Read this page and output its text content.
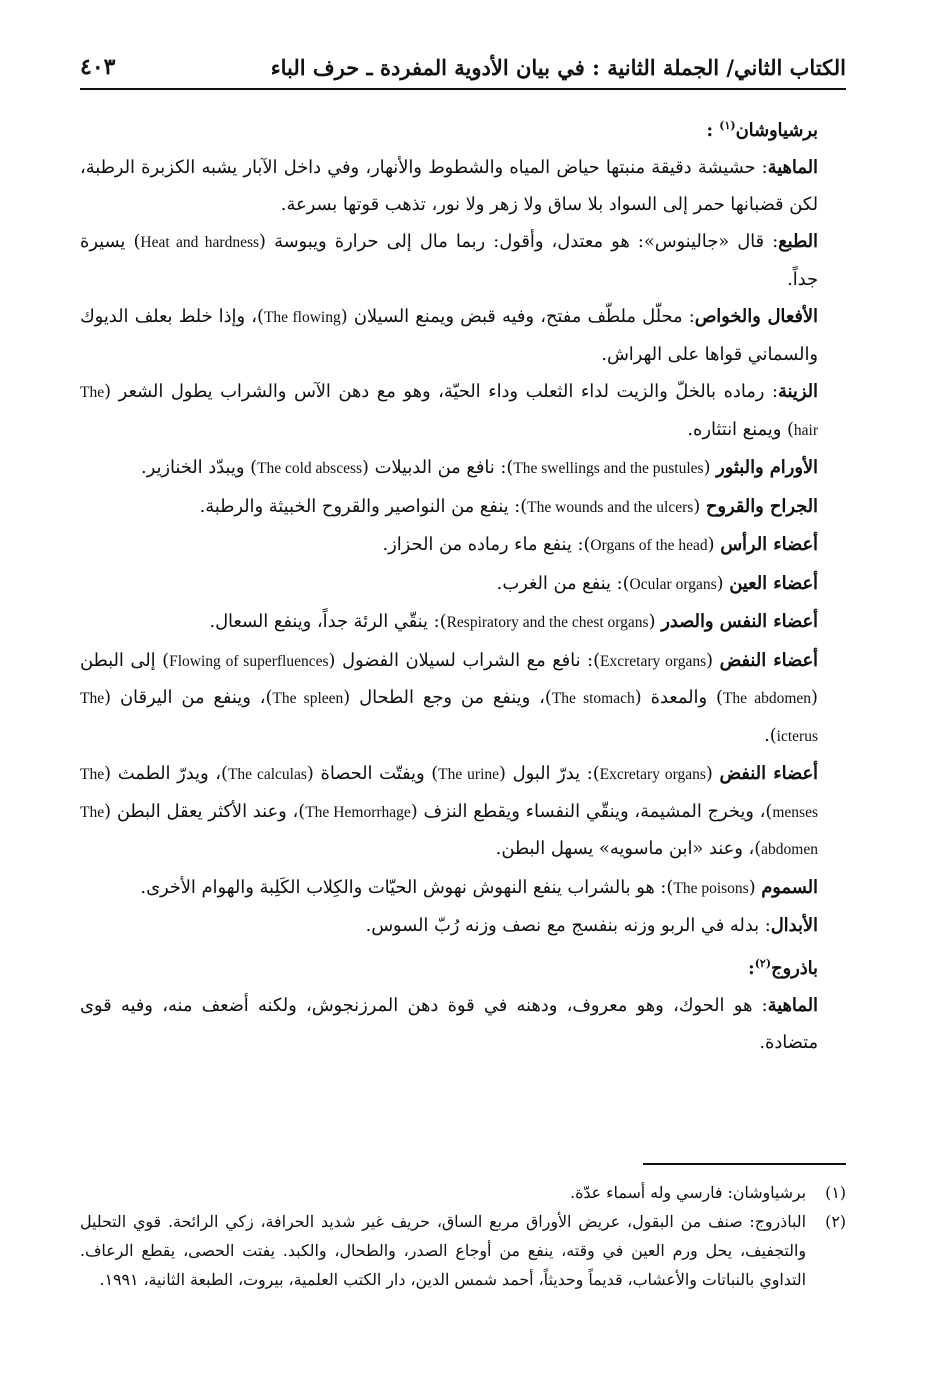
٤٠٣	الكتاب الثاني/ الجملة الثانية : في بيان الأدوية المفردة ـ حرف الباء

برشياوشان$^{(١)}$ :

الماهية: حشيشة دقيقة منبتها حياض المياه والشطوط والأنهار، وفي داخل الآبار يشبه الكزبرة الرطبة، لكن قضبانها حمر إلى السواد بلا ساق ولا زهر ولا نور، تذهب قوتها بسرعة.

الطبع: قال «جالينوس»: هو معتدل، وأقول: ربما مال إلى حرارة ويبوسة (Heat and hardness) يسيرة جداً.

الأفعال والخواص: محلّل ملطّف مفتح، وفيه قبض ويمنع السيلان (The flowing)، وإذا خلط بعلف الديوك والسماني قواها على الهراش.

الزينة: رماده بالخلّ والزيت لداء الثعلب وداء الحيّة، وهو مع دهن الآس والشراب يطول الشعر (The hair) ويمنع انتثاره.

الأورام والبثور (The swellings and the pustules): نافع من الدبيلات (The cold abscess) ويبدّد الخنازير.

الجراح والقروح (The wounds and the ulcers): ينفع من النواصير والقروح الخبيثة والرطبة.

أعضاء الرأس (Organs of the head): ينفع ماء رماده من الحزاز.

أعضاء العين (Ocular organs): ينفع من الغرب.

أعضاء النفس والصدر (Respiratory and the chest organs): ينقّي الرئة جداً، وينفع السعال.

أعضاء النفض (Excretary organs): نافع مع الشراب لسيلان الفضول (Flowing of superfluences) إلى البطن (The abdomen) والمعدة (The stomach)، وينفع من وجع الطحال (The spleen)، وينفع من اليرقان (The icterus).

أعضاء النفض (Excretary organs): يدرّ البول (The urine) ويفتّت الحصاة (The calculas)، ويدرّ الطمث (The menses)، ويخرج المشيمة، وينقّي النفساء ويقطع النزف (The Hemorrhage)، وعند الأكثر يعقل البطن (The abdomen)، وعند «ابن ماسويه» يسهل البطن.

السموم (The poisons): هو بالشراب ينفع النهوش نهوش الحيّات والكِلاب الكَلِبة والهوام الأخرى.

الأبدال: بدله في الربو وزنه بنفسج مع نصف وزنه رُبّ السوس.

باذروج$^{(٢)}$:

الماهية: هو الحوك، وهو معروف، ودهنه في قوة دهن المرزنجوش، ولكنه أضعف منه، وفيه قوى متضادة.

(١)
برشياوشان: فارسي وله أسماء عدّة.
(٢)
الباذروج: صنف من البقول، عريض الأوراق مربع الساق، حريف غير شديد الحرافة، زكي الرائحة. قوي التحليل والتجفيف، يحل ورم العين في وقته، ينفع من أوجاع الصدر، والطحال، والكبد. يفتت الحصى، يقطع الرعاف. التداوي بالنباتات والأعشاب، قديماً وحديثاً، أحمد شمس الدين، دار الكتب العلمية، بيروت، الطبعة الثانية، ١٩٩١.
